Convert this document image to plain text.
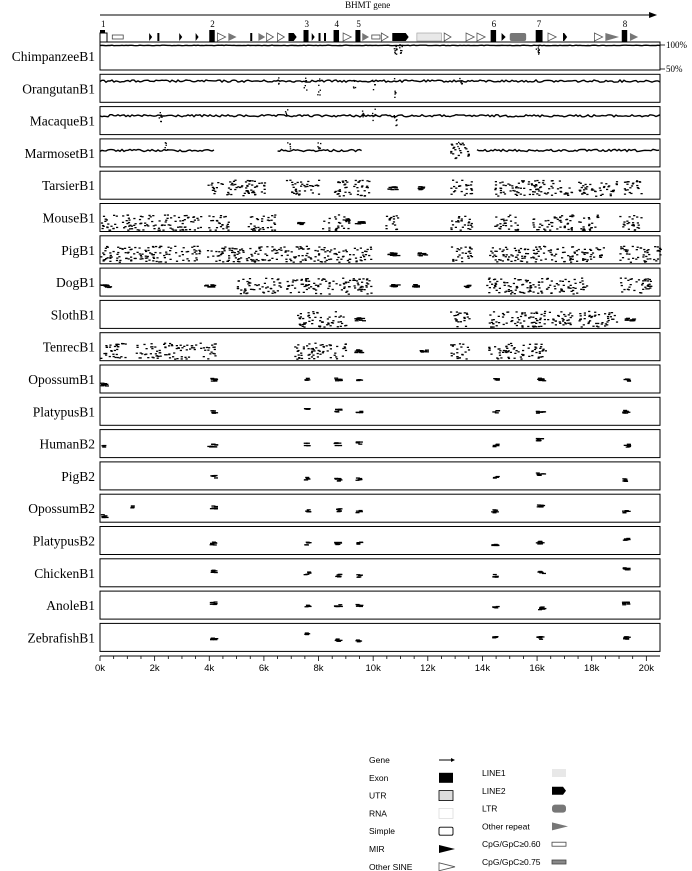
BHMT gene
1	2	3	4 5	6	7	8
ChimpanzeeB1
OrangutanB1
MacaqueB1
MarmosetB1
TarsierB1
MouseB1
PigB1
DogB1
SlothB1
TenrecB1
OpossumB1
PlatypusB1
HumanB2
PigB2
OpossumB2
PlatypusB2
ChickenB1
AnoleB1
ZebrafishB1
100%
50%
0k	2k	4k	6k	8k	10k	12k	14k	16k	18k	20k
Gene
Exon
UTR
RNA
Simple
MIR
Other SINE
LINE1
LINE2
LTR
Other repeat
CpG/GpC≥0.60
CpG/GpC≥0.75
